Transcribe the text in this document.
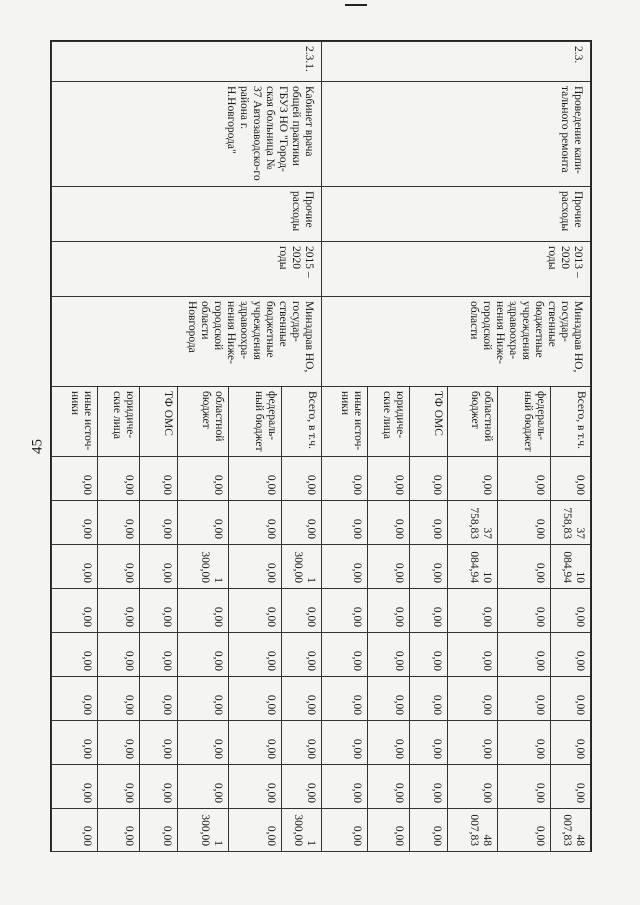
45
2.3.	Проведение капи-тального ремонта	Прочие расходы	2013 – 2020 годы	Минздрав НО, государ-ственные бюджетные учреждения здравоохра-нения Ниже-городской области	Всего, в т.ч.	0,00	37 758,83	10 084,94	0,00	0,00	0,00	0,00	0,00	48 007,83
					федераль-ный бюджет	0,00	0,00	0,00	0,00	0,00	0,00	0,00	0,00	0,00
					областной бюджет	0,00	37 758,83	10 084,94	0,00	0,00	0,00	0,00	0,00	48 007,83
					ТФ ОМС	0,00	0,00	0,00	0,00	0,00	0,00	0,00	0,00	0,00
					юридиче-ские лица	0,00	0,00	0,00	0,00	0,00	0,00	0,00	0,00	0,00
					иные источ-ники	0,00	0,00	0,00	0,00	0,00	0,00	0,00	0,00	0,00
2.3.1.	Кабинет врача общей практики ГБУЗ НО "Город-ская больница № 37 Автозаводско-го района г. Н.Новгорода"	Прочие расходы	2015 – 2020 годы	Минздрав НО, государ-ственные бюджетные учреждения здравоохра-нения Ниже-городской области Новгорода	Всего, в т.ч.	0,00	0,00	1 300,00	0,00	0,00	0,00	0,00	0,00	1 300,00
					федераль-ный бюджет	0,00	0,00	0,00	0,00	0,00	0,00	0,00	0,00	0,00
					областной бюджет	0,00	0,00	1 300,00	0,00	0,00	0,00	0,00	0,00	1 300,00
					ТФ ОМС	0,00	0,00	0,00	0,00	0,00	0,00	0,00	0,00	0,00
					юридиче-ские лица	0,00	0,00	0,00	0,00	0,00	0,00	0,00	0,00	0,00
					иные источ-ники	0,00	0,00	0,00	0,00	0,00	0,00	0,00	0,00	0,00
